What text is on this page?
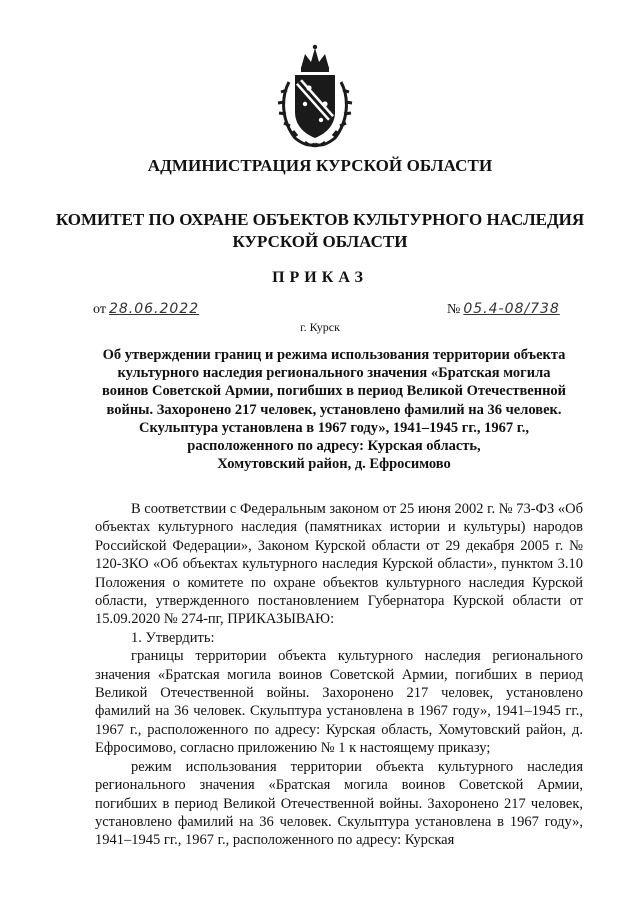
АДМИНИСТРАЦИЯ КУРСКОЙ ОБЛАСТИ
КОМИТЕТ ПО ОХРАНЕ ОБЪЕКТОВ КУЛЬТУРНОГО НАСЛЕДИЯ
КУРСКОЙ ОБЛАСТИ
ПРИКАЗ
от 28.06.2022	№ 05.4-08/738
г. Курск
Об утверждении границ и режима использования территории объекта
культурного наследия регионального значения «Братская могила
воинов Советской Армии, погибших в период Великой Отечественной
войны. Захоронено 217 человек, установлено фамилий на 36 человек.
Скульптура установлена в 1967 году», 1941–1945 гг., 1967 г.,
расположенного по адресу: Курская область,
Хомутовский район, д. Ефросимово

В соответствии с Федеральным законом от 25 июня 2002 г. № 73-ФЗ «Об объектах культурного наследия (памятниках истории и культуры) народов Российской Федерации», Законом Курской области от 29 декабря 2005 г. № 120-ЗКО «Об объектах культурного наследия Курской области», пунктом 3.10 Положения о комитете по охране объектов культурного наследия Курской области, утвержденного постановлением Губернатора Курской области от 15.09.2020 № 274-пг, ПРИКАЗЫВАЮ:

1. Утвердить:

границы территории объекта культурного наследия регионального значения «Братская могила воинов Советской Армии, погибших в период Великой Отечественной войны. Захоронено 217 человек, установлено фамилий на 36 человек. Скульптура установлена в 1967 году», 1941–1945 гг., 1967 г., расположенного по адресу: Курская область, Хомутовский район, д. Ефросимово, согласно приложению № 1 к настоящему приказу;

режим использования территории объекта культурного наследия регионального значения «Братская могила воинов Советской Армии, погибших в период Великой Отечественной войны. Захоронено 217 человек, установлено фамилий на 36 человек. Скульптура установлена в 1967 году», 1941–1945 гг., 1967 г., расположенного по адресу: Курская
